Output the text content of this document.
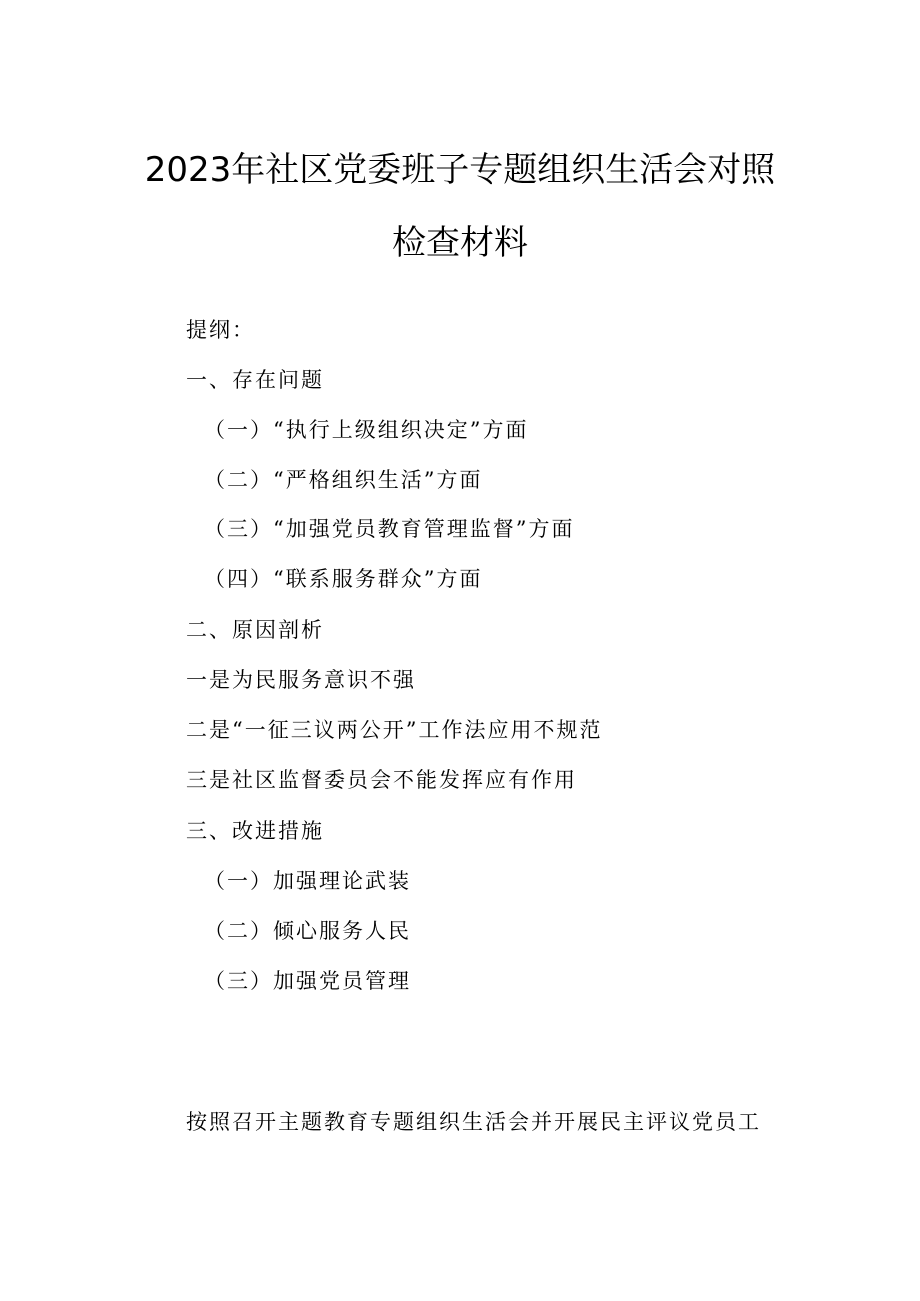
2023年社区党委班子专题组织生活会对照
检查材料
提纲：
一、存在问题
（一）“执行上级组织决定”方面
（二）“严格组织生活”方面
（三）“加强党员教育管理监督”方面
（四）“联系服务群众”方面
二、原因剖析
一是为民服务意识不强
二是“一征三议两公开”工作法应用不规范
三是社区监督委员会不能发挥应有作用
三、改进措施
（一）加强理论武装
（二）倾心服务人民
（三）加强党员管理
按照召开主题教育专题组织生活会并开展民主评议党员工
